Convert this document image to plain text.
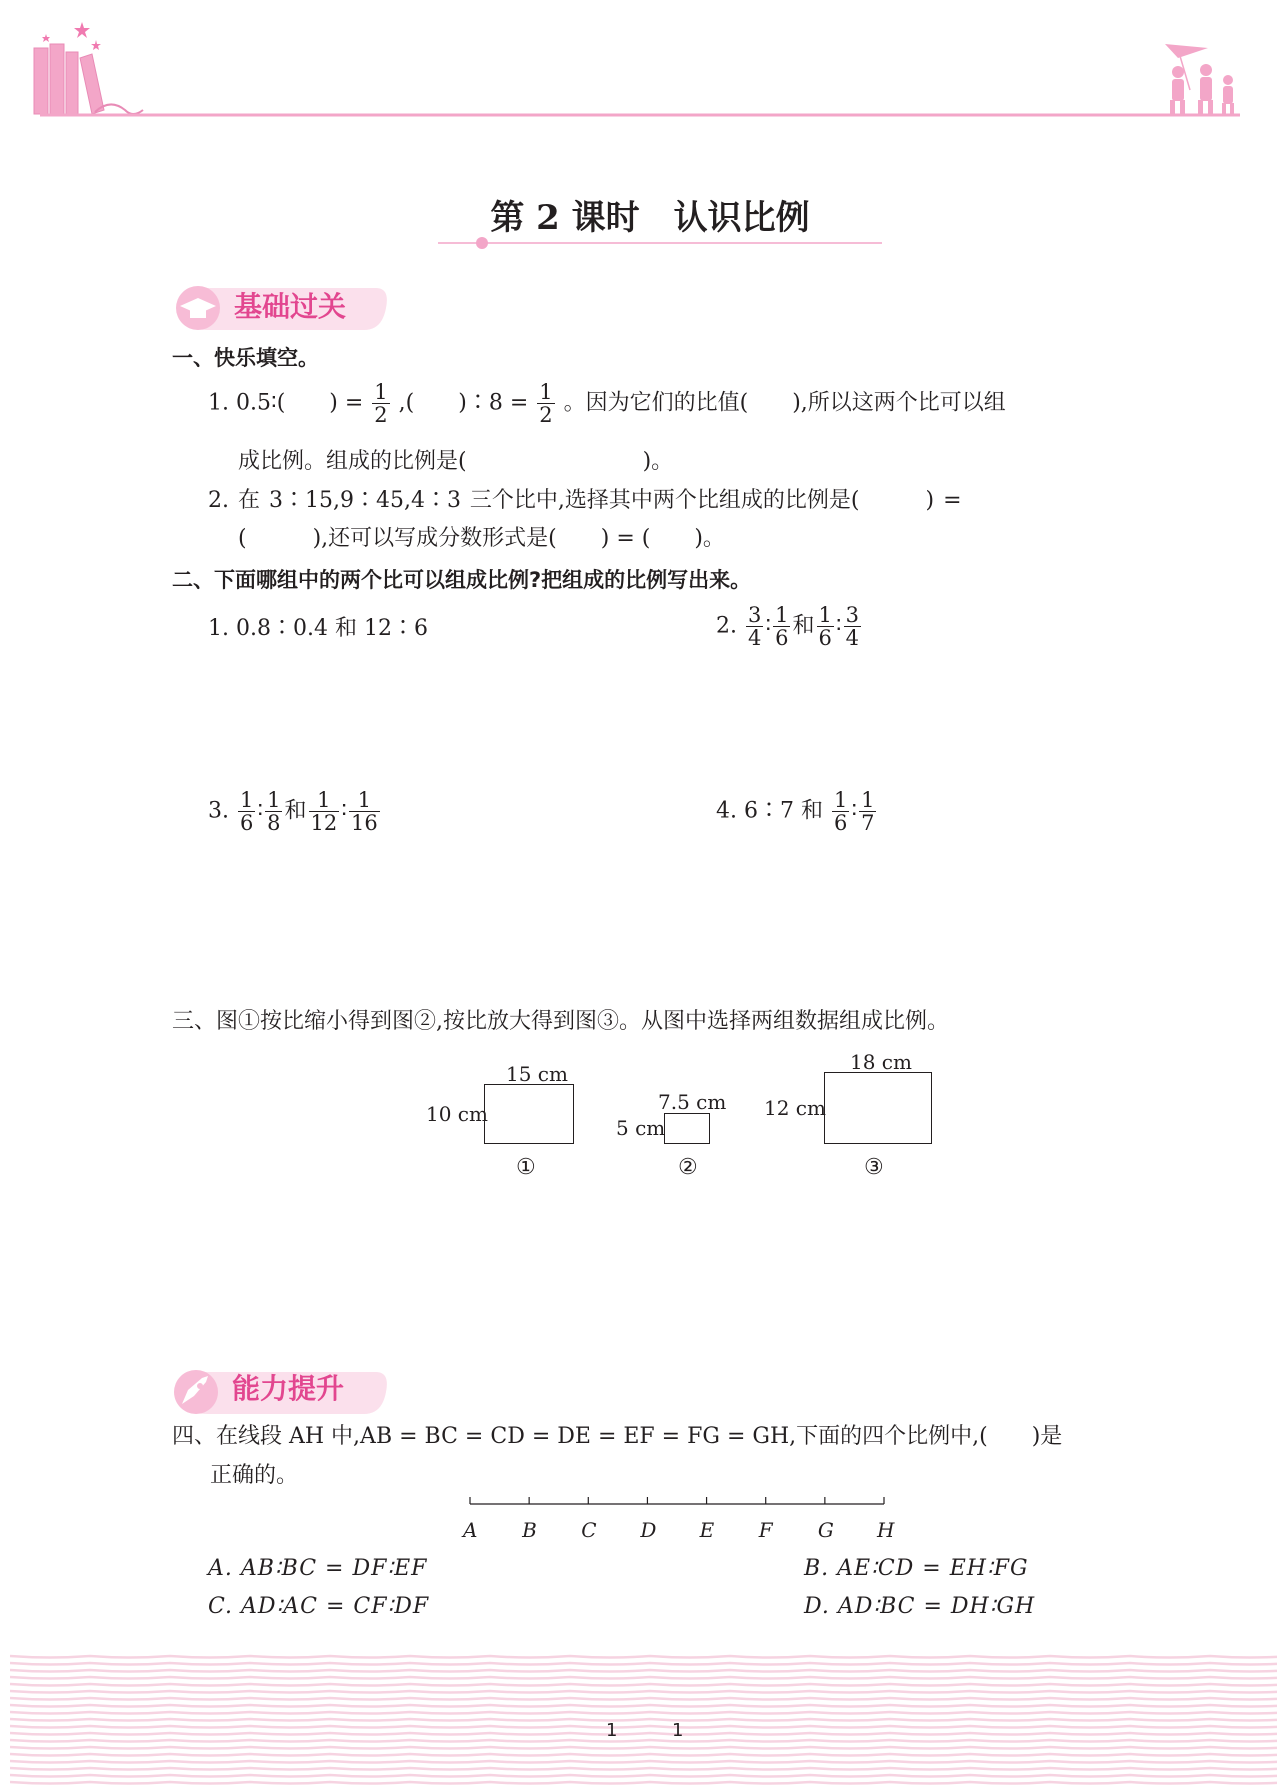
第 2 课时　认识比例
基础过关
一、快乐填空。
1. 0.5∶(　　) = $\frac{1}{2}$ ,(　　)∶8 = $\frac{1}{2}$ 。因为它们的比值(　　),所以这两个比可以组
成比例。组成的比例是(　　　　　　　　)。
2. 在 3∶15,9∶45,4∶3 三个比中,选择其中两个比组成的比例是(　　　) =
(　　　),还可以写成分数形式是(　　) = (　　)。
二、下面哪组中的两个比可以组成比例?把组成的比例写出来。
1. 0.8∶0.4 和 12∶6	2. $\frac{3}{4}$ ∶ $\frac{1}{6}$ 和 $\frac{1}{6}$ ∶ $\frac{3}{4}$
3. $\frac{1}{6}$ ∶ $\frac{1}{8}$ 和 $\frac{1}{12}$ ∶ $\frac{1}{16}$	4. 6∶7 和 $\frac{1}{6}$ ∶ $\frac{1}{7}$
三、图①按比缩小得到图②,按比放大得到图③。从图中选择两组数据组成比例。
15 cm
10 cm
①
7.5 cm
5 cm
②
18 cm
12 cm
③
能力提升
四、在线段 AH 中,AB = BC = CD = DE = EF = FG = GH,下面的四个比例中,(　　)是
正确的。
A B C D E F G H
A. AB∶BC = DF∶EF	B. AE∶CD = EH∶FG
C. AD∶AC = CF∶DF	D. AD∶BC = DH∶GH
1	1
